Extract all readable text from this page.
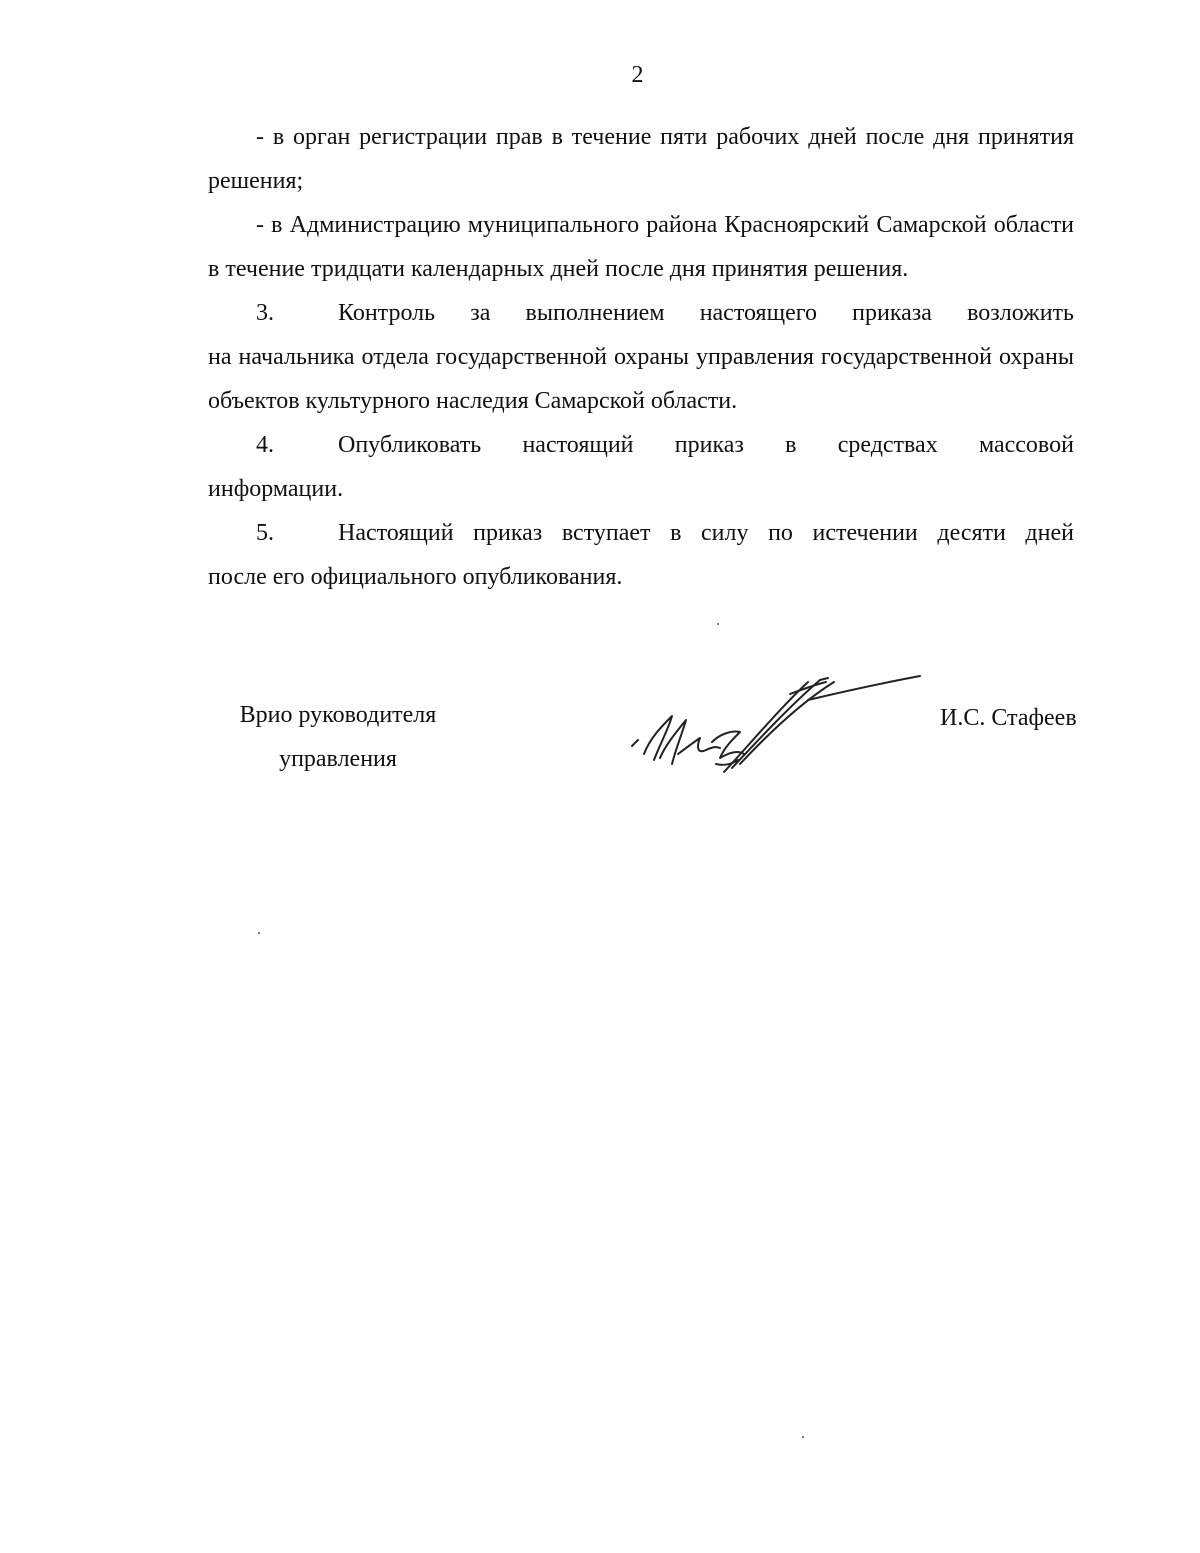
2

- в орган регистрации прав в течение пяти рабочих дней после дня принятия решения;

- в Администрацию муниципального района Красноярский Самарской области в течение тридцати календарных дней после дня принятия решения.

3.	Контроль за выполнением настоящего приказа возложить
на начальника отдела государственной охраны управления государственной охраны объектов культурного наследия Самарской области.
4.	Опубликовать настоящий приказ в средствах массовой
информации.
5.	Настоящий приказ вступает в силу по истечении десяти дней
после его официального опубликования.
Врио руководителя
управления
И.С. Стафеев
